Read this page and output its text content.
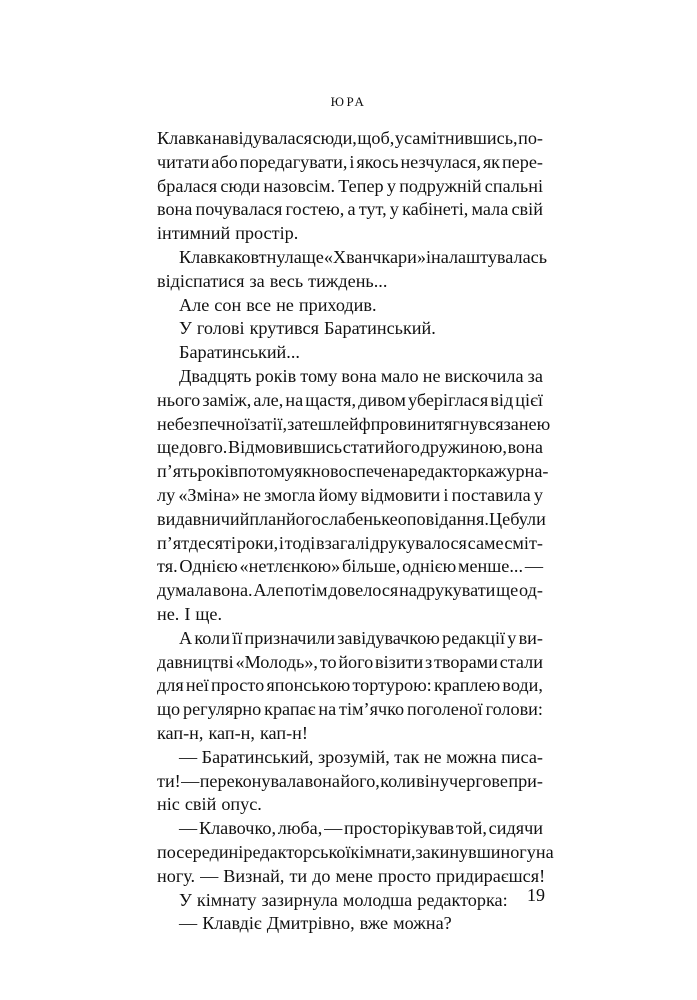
ЮРА
Клавка навідувалася сюди, щоб, усамітнившись, по-
читати або поредагувати, і якось незчулася, як пере-
бралася сюди назовсім. Тепер у подружній спальні
вона почувалася гостею, а тут, у кабінеті, мала свій
інтимний простір.
Клавка ковтнула ще «Хванчкари» і налаштувалась
відіспатися за весь тиждень...
Але сон все не приходив.
У голові крутився Баратинський.
Баратинський...
Двадцять років тому вона мало не вискочила за
нього заміж, але, на щастя, дивом уберіглася від цієї
небезпечної затії, зате шлейф провини тягнувся за нею
ще довго. Відмовившись стати його дружиною, вона
п’ять років по тому як новоспечена редакторка журна-
лу «Зміна» не змогла йому відмовити і поставила у
видавничий план його слабеньке оповідання. Це були
п’ятдесяті роки, і тоді взагалі друкувалося саме сміт-
тя. Однією «нетлєнкою» більше, однією менше... —
думала вона. Але потім довелося надрукувати ще од-
не. І ще.
А коли її призначили завідувачкою редакції у ви-
давництві «Молодь», то його візити з творами стали
для неї просто японською тортурою: краплею води,
що регулярно крапає на тім’ячко поголеної голови:
кап-н, кап-н, кап-н!
— Баратинський, зрозумій, так не можна писа-
ти! — переконувала вона його, коли він учергове при-
ніс свій опус.
— Клавочко, люба, — просторікував той, сидячи
посередині редакторської кімнати, закинувши ногу на
ногу. — Визнай, ти до мене просто придираєшся!
У кімнату зазирнула молодша редакторка:
— Клавдіє Дмитрівно, вже можна?
19
